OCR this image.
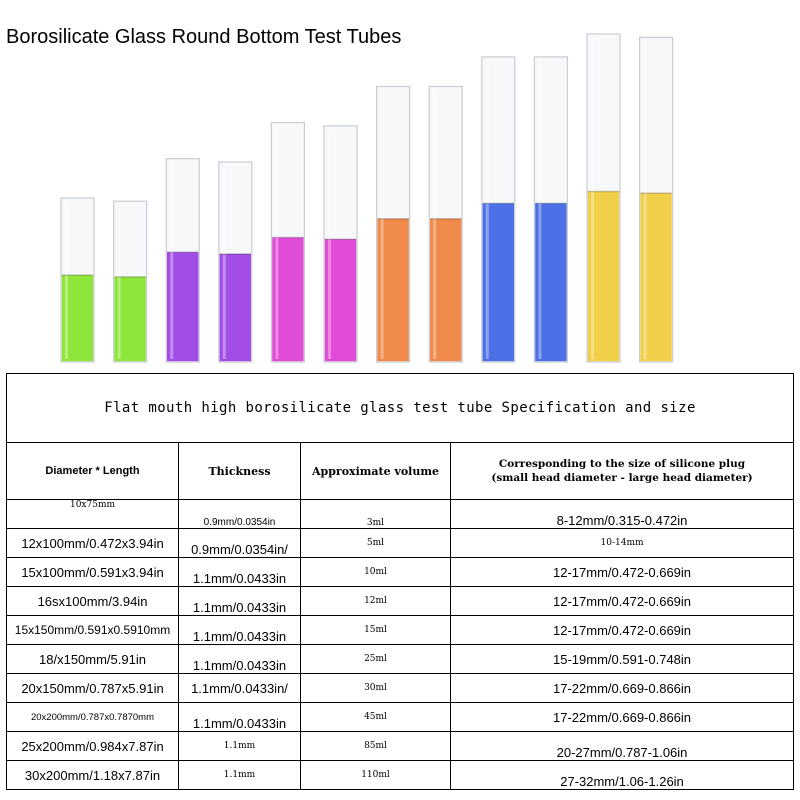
Borosilicate Glass Round Bottom Test Tubes
Flat mouth high borosilicate glass test tube Specification and size			
Diameter * Length	Thickness	Approximate volume	Corresponding to the size of silicone plug
(small head diameter - large head diameter)

10x75mm	0.9mm/0.0354in	3ml	8-12mm/0.315-0.472in
12x100mm/0.472x3.94in	0.9mm/0.0354in/	5ml	10-14mm
15x100mm/0.591x3.94in	1.1mm/0.0433in	10ml	12-17mm/0.472-0.669in
16sx100mm/3.94in	1.1mm/0.0433in	12ml	12-17mm/0.472-0.669in
15x150mm/0.591x0.5910mm	1.1mm/0.0433in	15ml	12-17mm/0.472-0.669in
18/x150mm/5.91in	1.1mm/0.0433in	25ml	15-19mm/0.591-0.748in
20x150mm/0.787x5.91in	1.1mm/0.0433in/	30ml	17-22mm/0.669-0.866in
20x200mm/0.787x0.7870mm	1.1mm/0.0433in	45ml	17-22mm/0.669-0.866in
25x200mm/0.984x7.87in	1.1mm	85ml	20-27mm/0.787-1.06in
30x200mm/1.18x7.87in	1.1mm	110ml	27-32mm/1.06-1.26in
